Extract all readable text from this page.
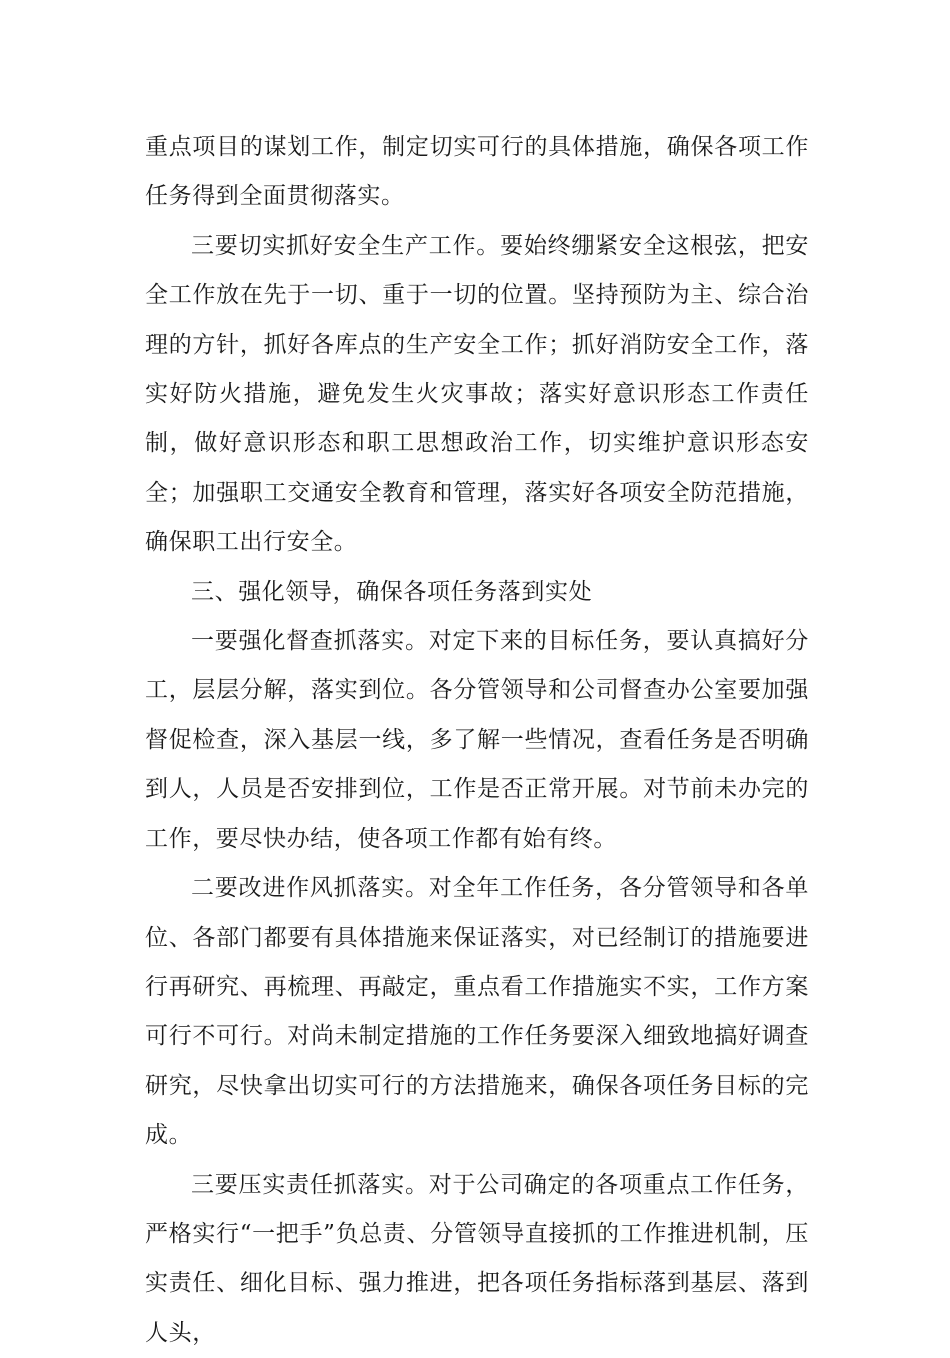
重点项目的谋划工作，制定切实可行的具体措施，确保各项工作任务得到全面贯彻落实。

三要切实抓好安全生产工作。要始终绷紧安全这根弦，把安全工作放在先于一切、重于一切的位置。坚持预防为主、综合治理的方针，抓好各库点的生产安全工作；抓好消防安全工作，落实好防火措施，避免发生火灾事故；落实好意识形态工作责任制，做好意识形态和职工思想政治工作，切实维护意识形态安全；加强职工交通安全教育和管理，落实好各项安全防范措施，确保职工出行安全。

三、强化领导，确保各项任务落到实处

一要强化督查抓落实。对定下来的目标任务，要认真搞好分工，层层分解，落实到位。各分管领导和公司督查办公室要加强督促检查，深入基层一线，多了解一些情况，查看任务是否明确到人，人员是否安排到位，工作是否正常开展。对节前未办完的工作，要尽快办结，使各项工作都有始有终。

二要改进作风抓落实。对全年工作任务，各分管领导和各单位、各部门都要有具体措施来保证落实，对已经制订的措施要进行再研究、再梳理、再敲定，重点看工作措施实不实，工作方案可行不可行。对尚未制定措施的工作任务要深入细致地搞好调查研究，尽快拿出切实可行的方法措施来，确保各项任务目标的完成。

三要压实责任抓落实。对于公司确定的各项重点工作任务，严格实行“一把手”负总责、分管领导直接抓的工作推进机制，压实责任、细化目标、强力推进，把各项任务指标落到基层、落到人头，
